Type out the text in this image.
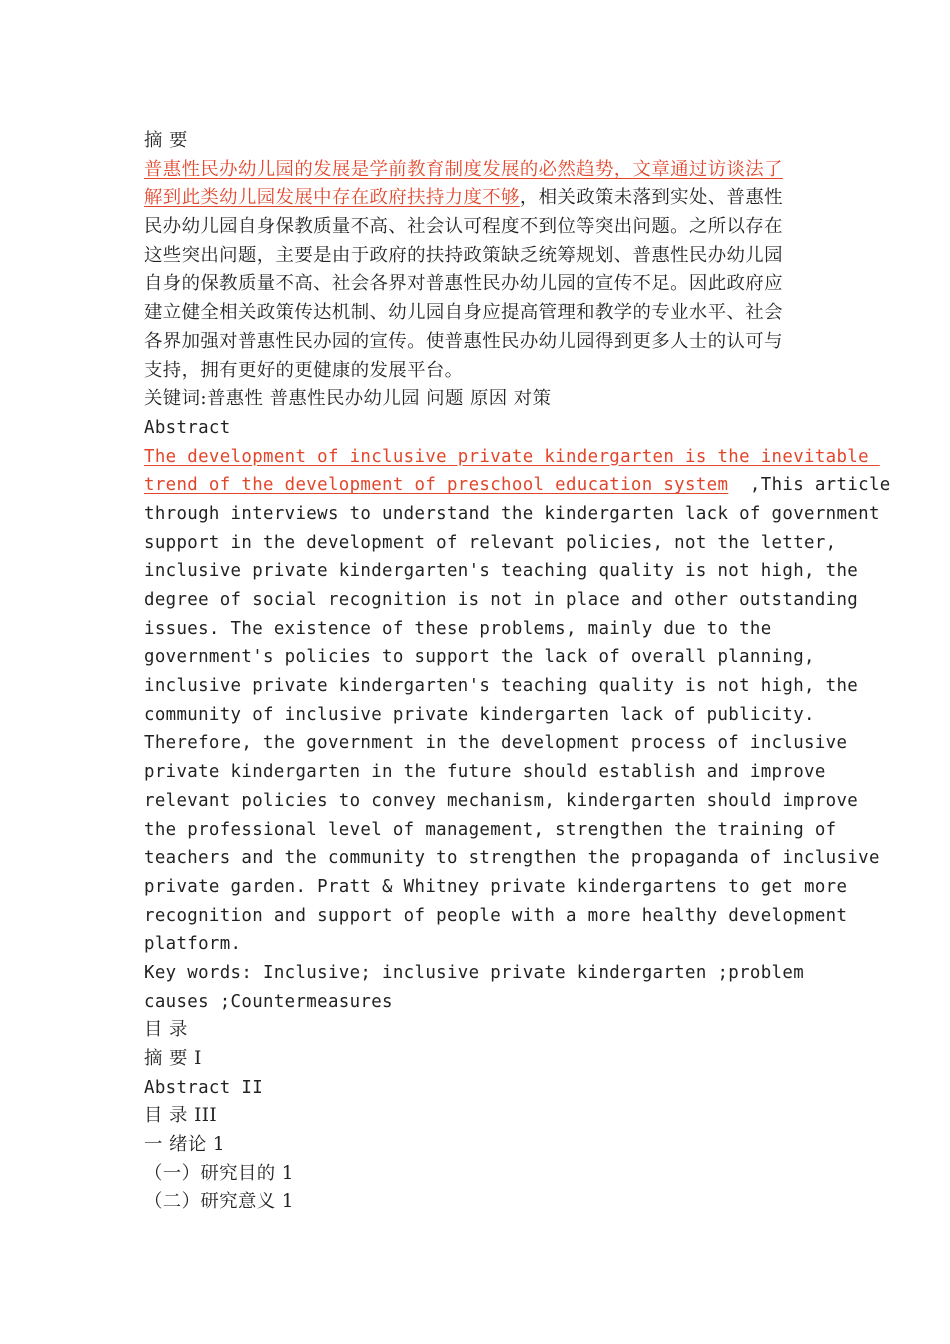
摘 要
普惠性民办幼儿园的发展是学前教育制度发展的必然趋势，文章通过访谈法了
解到此类幼儿园发展中存在政府扶持力度不够，相关政策未落到实处、普惠性
民办幼儿园自身保教质量不高、社会认可程度不到位等突出问题。之所以存在
这些突出问题，主要是由于政府的扶持政策缺乏统筹规划、普惠性民办幼儿园
自身的保教质量不高、社会各界对普惠性民办幼儿园的宣传不足。因此政府应
建立健全相关政策传达机制、幼儿园自身应提高管理和教学的专业水平、社会
各界加强对普惠性民办园的宣传。使普惠性民办幼儿园得到更多人士的认可与
支持，拥有更好的更健康的发展平台。
关键词:普惠性 普惠性民办幼儿园 问题 原因 对策
Abstract
The development of inclusive private kindergarten is the inevitable
trend of the development of preschool education system  ,This article
through interviews to understand the kindergarten lack of government
support in the development of relevant policies, not the letter,
inclusive private kindergarten's teaching quality is not high, the
degree of social recognition is not in place and other outstanding
issues. The existence of these problems, mainly due to the
government's policies to support the lack of overall planning,
inclusive private kindergarten's teaching quality is not high, the
community of inclusive private kindergarten lack of publicity.
Therefore, the government in the development process of inclusive
private kindergarten in the future should establish and improve
relevant policies to convey mechanism, kindergarten should improve
the professional level of management, strengthen the training of
teachers and the community to strengthen the propaganda of inclusive
private garden. Pratt & Whitney private kindergartens to get more
recognition and support of people with a more healthy development
platform.
Key words: Inclusive; inclusive private kindergarten ;problem
causes ;Countermeasures
目 录
摘 要 I
Abstract II
目 录 III
一 绪论 1
（一）研究目的 1
（二）研究意义 1
